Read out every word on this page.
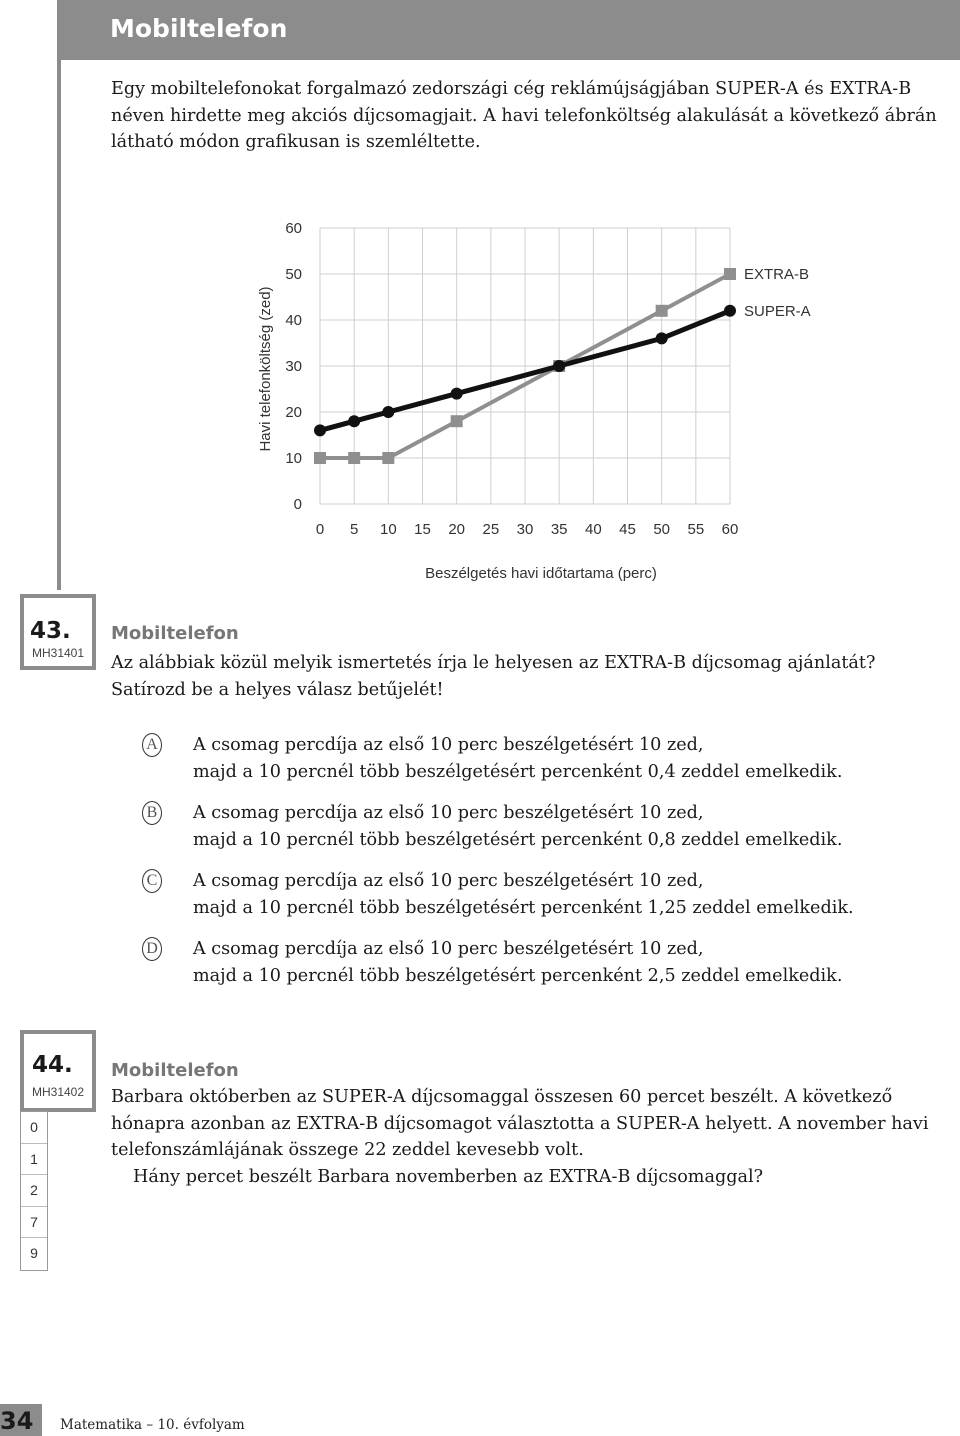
Mobiltelefon
Egy mobiltelefonokat forgalmazó zedországi cég reklámújságjában SUPER-A és EXTRA-B néven hirdette meg akciós díjcsomagjait. A havi telefonköltség alakulását a következő ábrán látható módon grafikusan is szemléltette.
0
10
20
30
40
50
60
0 5 10 15 20 25 30 35 40 45 50 55 60
EXTRA-B
SUPER-A
Havi telefonköltség (zed)
Beszélgetés havi időtartama (perc)
43.
MH31401
Mobiltelefon
Az alábbiak közül melyik ismertetés írja le helyesen az EXTRA-B díjcsomag ajánlatát?
Satírozd be a helyes válasz betűjelét!
A A csomag percdíja az első 10 perc beszélgetésért 10 zed,
majd a 10 percnél több beszélgetésért percenként 0,4 zeddel emelkedik.
B A csomag percdíja az első 10 perc beszélgetésért 10 zed,
majd a 10 percnél több beszélgetésért percenként 0,8 zeddel emelkedik.
C A csomag percdíja az első 10 perc beszélgetésért 10 zed,
majd a 10 percnél több beszélgetésért percenként 1,25 zeddel emelkedik.
D A csomag percdíja az első 10 perc beszélgetésért 10 zed,
majd a 10 percnél több beszélgetésért percenként 2,5 zeddel emelkedik.
44.
MH31402
Mobiltelefon
Barbara októberben az SUPER-A díjcsomaggal összesen 60 percet beszélt. A következő
hónapra azonban az EXTRA-B díjcsomagot választotta a SUPER-A helyett. A november havi
telefonszámlájának összege 22 zeddel kevesebb volt.
Hány percet beszélt Barbara novemberben az EXTRA-B díjcsomaggal?
0
1
2
7
9
34 Matematika – 10. évfolyam
